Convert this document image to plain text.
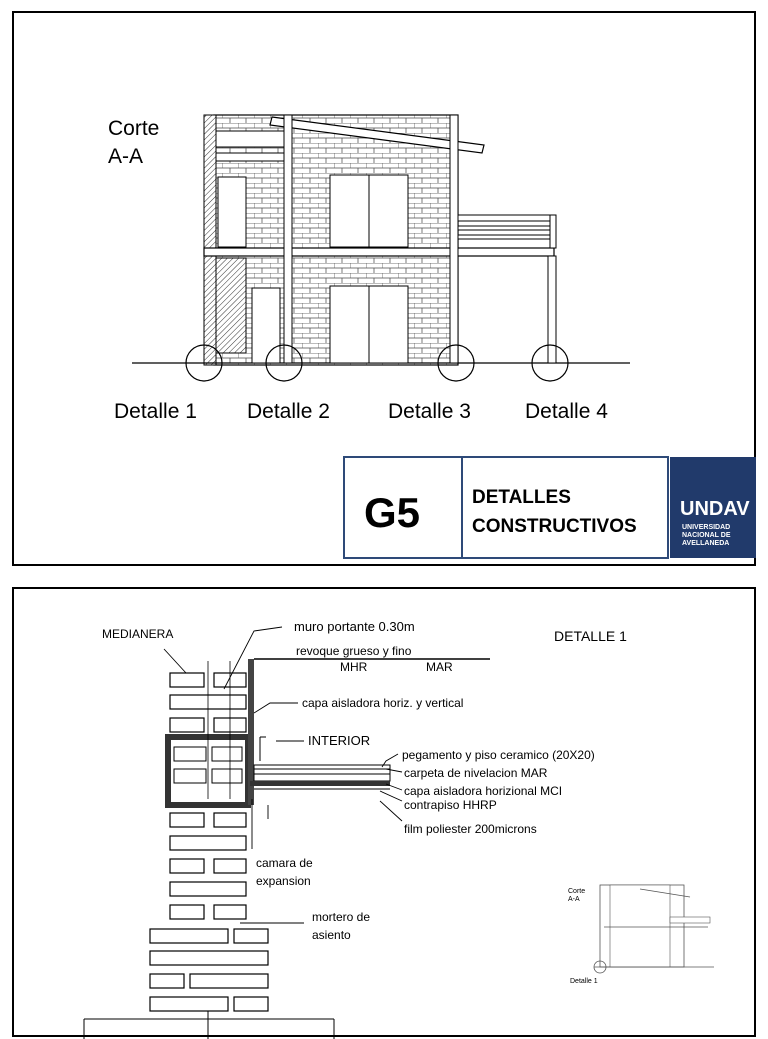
Corte
A-A
Detalle 1 Detalle 2	Detalle 3	Detalle 4
G5	DETALLES
CONSTRUCTIVOS
UNDAV
UNIVERSIDAD
NACIONAL DE
AVELLANEDA
DETALLE 1
MEDIANERA	muro portante 0.30m
revoque grueso y fino
MHR	MAR
capa aisladora horiz. y vertical
INTERIOR
pegamento y piso ceramico (20X20)
carpeta de nivelacion MAR
capa aisladora horizional MCI
contrapiso HHRP
film poliester 200microns
camara de
expansion
mortero de
asiento
Corte
A-A
Detalle 1
